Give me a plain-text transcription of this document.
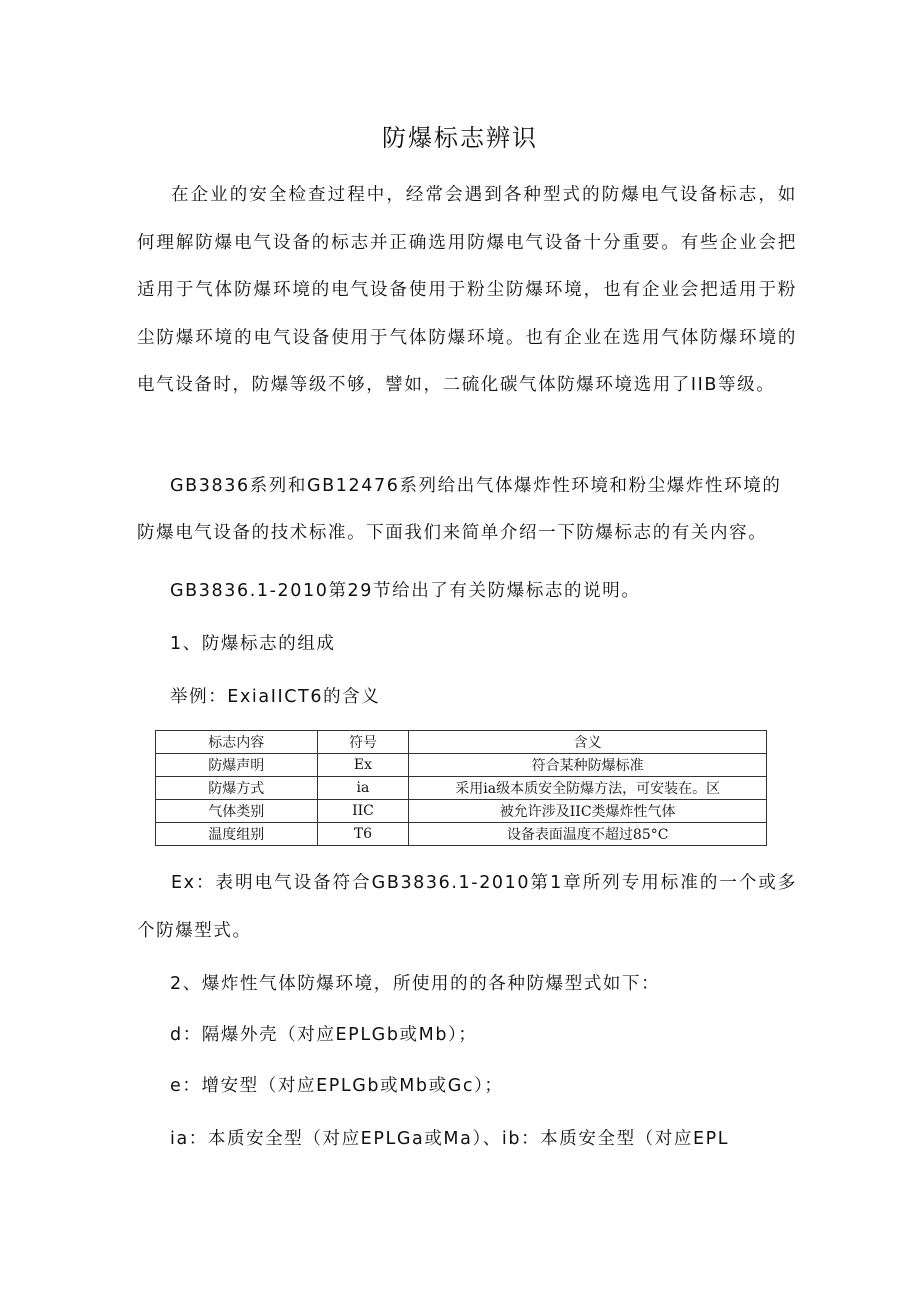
防爆标志辨识

在企业的安全检查过程中，经常会遇到各种型式的防爆电气设备标志，如何理解防爆电气设备的标志并正确选用防爆电气设备十分重要。有些企业会把适用于气体防爆环境的电气设备使用于粉尘防爆环境，也有企业会把适用于粉尘防爆环境的电气设备使用于气体防爆环境。也有企业在选用气体防爆环境的电气设备时，防爆等级不够，譬如，二硫化碳气体防爆环境选用了IIB等级。

GB3836系列和GB12476系列给出气体爆炸性环境和粉尘爆炸性环境的

防爆电气设备的技术标准。下面我们来简单介绍一下防爆标志的有关内容。

GB3836.1-2010第29节给出了有关防爆标志的说明。

1、防爆标志的组成

举例：ExiaIICT6的含义

标志内容	符号	含义
防爆声明	Ex	符合某种防爆标准
防爆方式	ia	采用ia级本质安全防爆方法，可安装在。区
气体类别	IIC	被允许涉及IIC类爆炸性气体
温度组别	T6	设备表面温度不超过85°C

Ex：表明电气设备符合GB3836.1-2010第1章所列专用标准的一个或多个防爆型式。

2、爆炸性气体防爆环境，所使用的的各种防爆型式如下：

d：隔爆外壳（对应EPLGb或Mb）；

e：增安型（对应EPLGb或Mb或Gc）；

ia：本质安全型（对应EPLGa或Ma）、ib：本质安全型（对应EPL
